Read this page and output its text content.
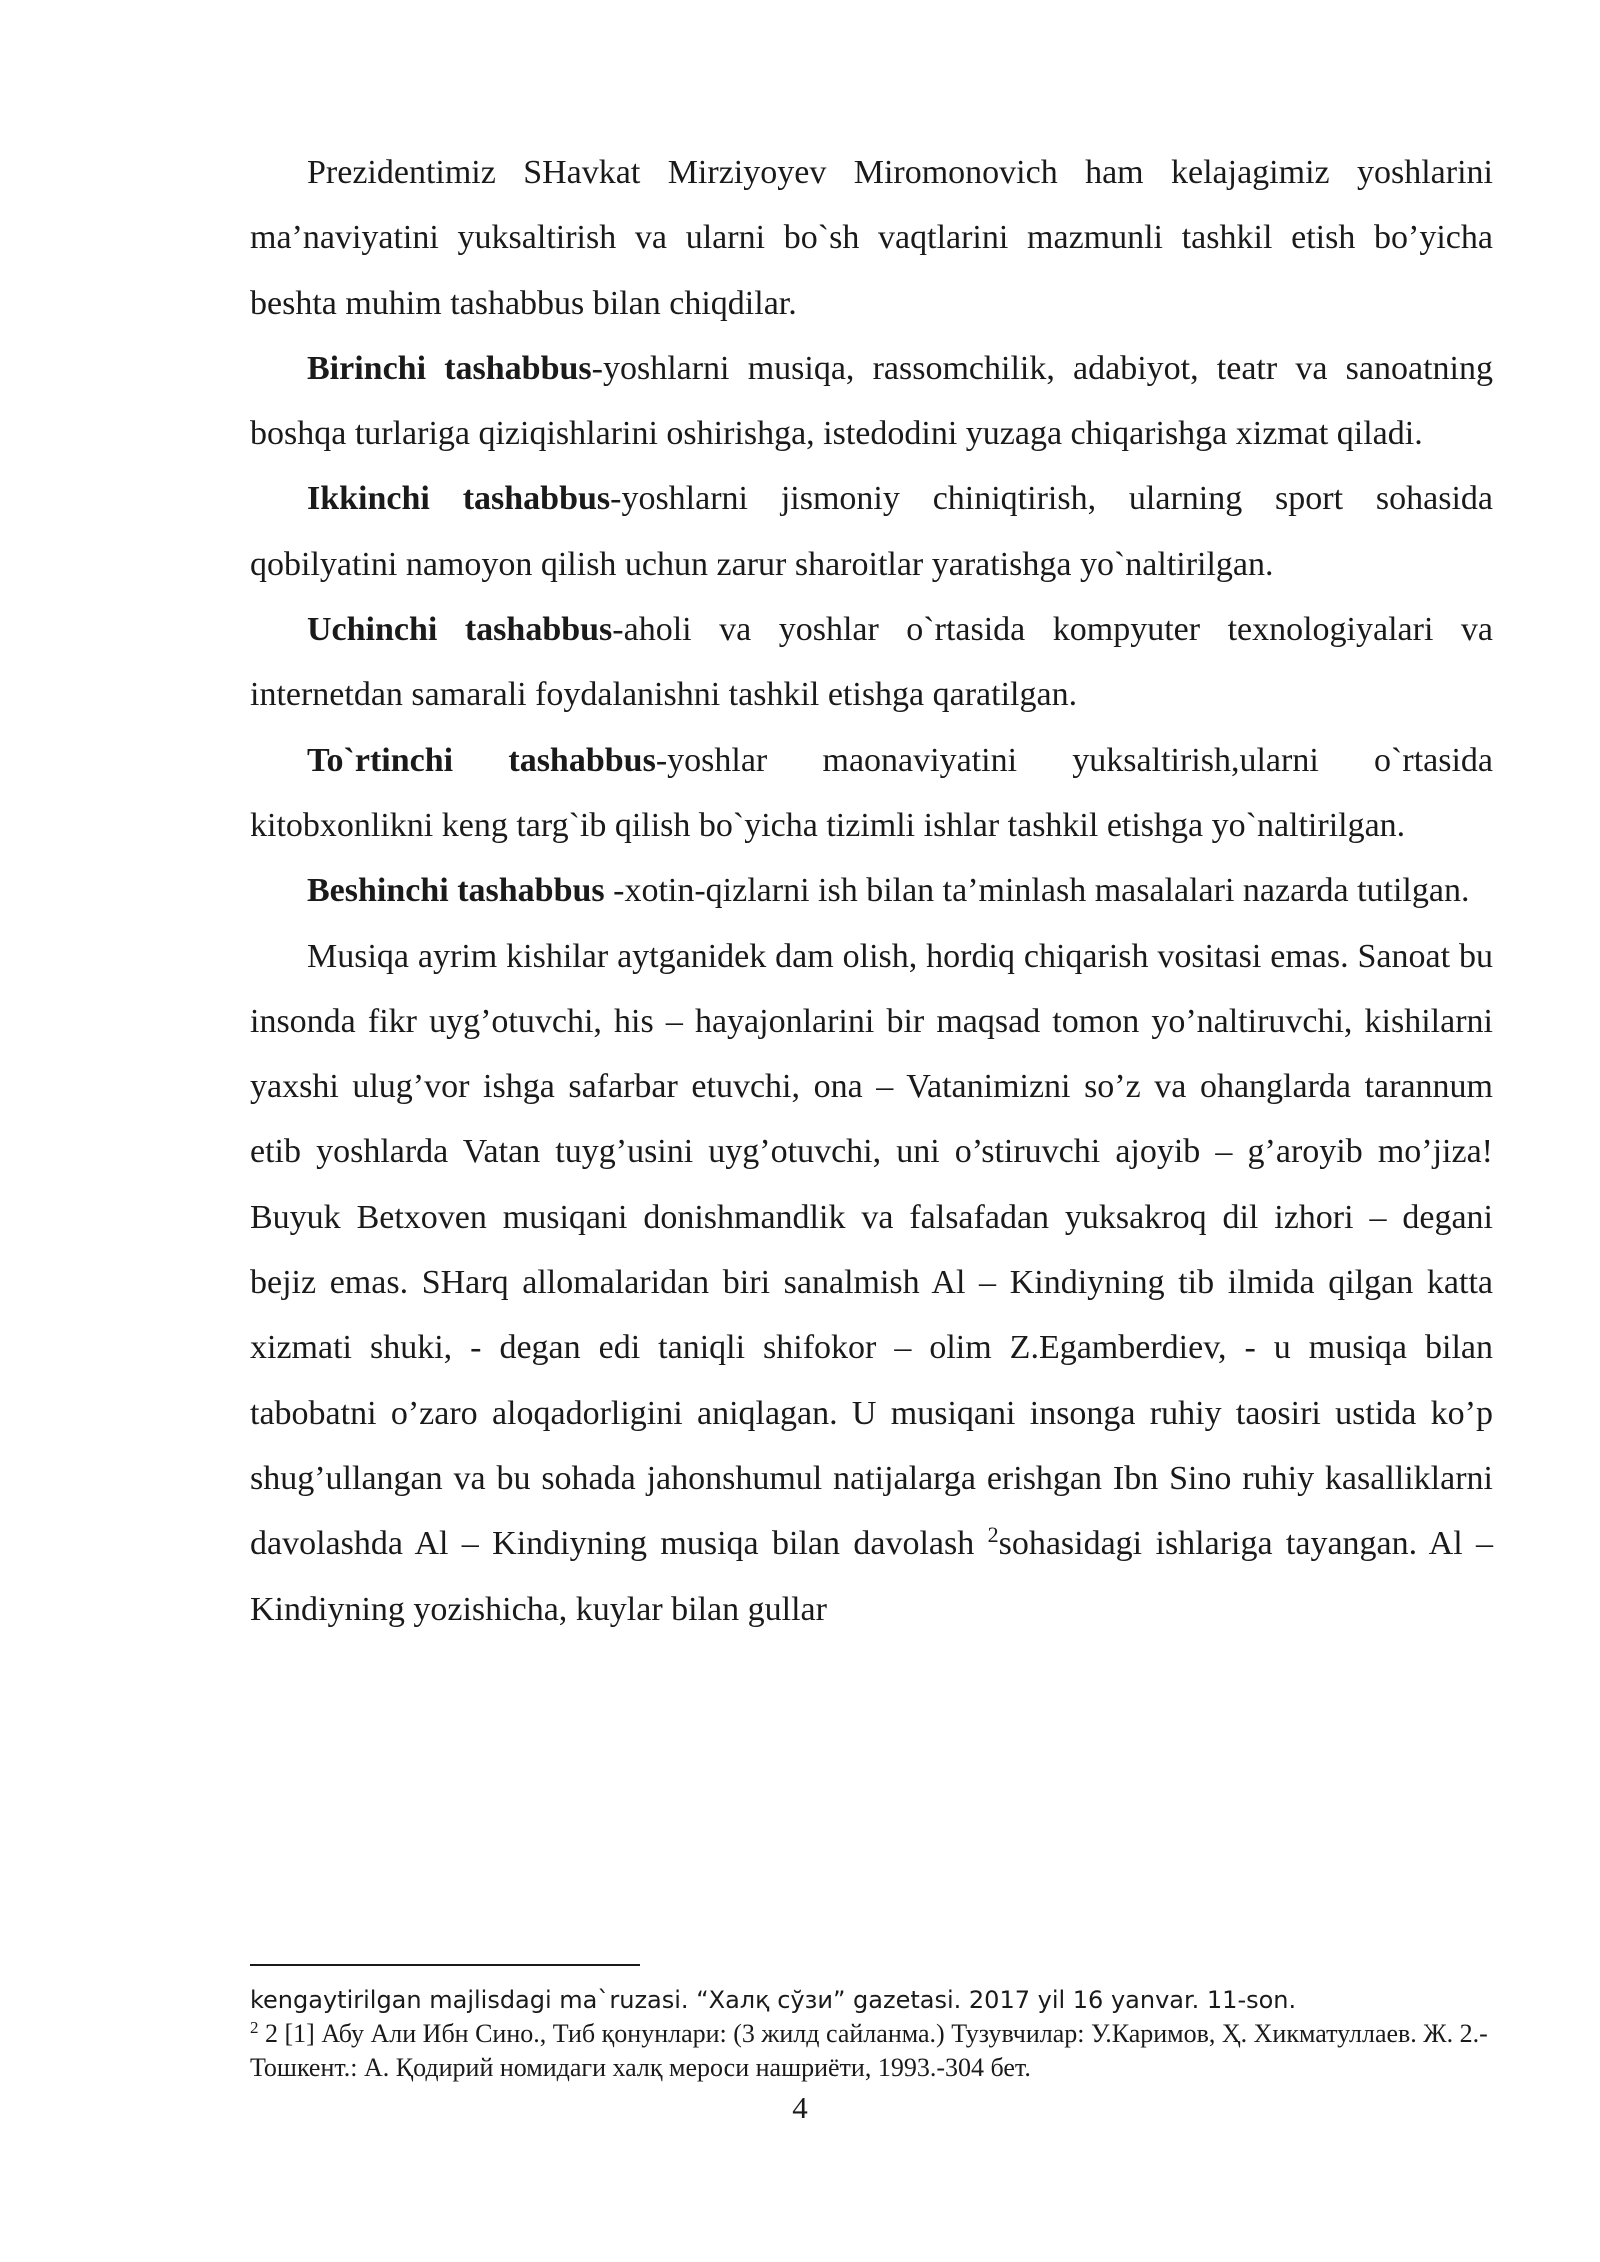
Prezidentimiz SHavkat Mirziyoyev Miromonovich ham kelajagimiz yoshlarini ma’naviyatini yuksaltirish va ularni bo`sh vaqtlarini mazmunli tashkil etish bo’yicha beshta muhim tashabbus bilan chiqdilar.

Birinchi tashabbus-yoshlarni musiqa, rassomchilik, adabiyot, teatr va sanoatning boshqa turlariga qiziqishlarini oshirishga, istedodini yuzaga chiqarishga xizmat qiladi.

Ikkinchi tashabbus-yoshlarni jismoniy chiniqtirish, ularning sport sohasida qobilyatini namoyon qilish uchun zarur sharoitlar yaratishga yo`naltirilgan.

Uchinchi tashabbus-aholi va yoshlar o`rtasida kompyuter texnologiyalari va internetdan samarali foydalanishni tashkil etishga qaratilgan.

To`rtinchi tashabbus-yoshlar maonaviyatini yuksaltirish,ularni o`rtasida kitobxonlikni keng targ`ib qilish bo`yicha tizimli ishlar tashkil etishga yo`naltirilgan.

Beshinchi tashabbus -xotin-qizlarni ish bilan ta’minlash masalalari nazarda tutilgan.

Musiqa ayrim kishilar aytganidek dam olish, hordiq chiqarish vositasi emas. Sanoat bu insonda fikr uyg’otuvchi, his – hayajonlarini bir maqsad tomon yo’naltiruvchi, kishilarni yaxshi ulug’vor ishga safarbar etuvchi, ona – Vatanimizni so’z va ohanglarda tarannum etib yoshlarda Vatan tuyg’usini uyg’otuvchi, uni o’stiruvchi ajoyib – g’aroyib mo’jiza! Buyuk Betxoven musiqani donishmandlik va falsafadan yuksakroq dil izhori – degani bejiz emas. SHarq allomalaridan biri sanalmish Al – Kindiyning tib ilmida qilgan katta xizmati shuki, - degan edi taniqli shifokor – olim Z.Egamberdiev, - u musiqa bilan tabobatni o’zaro aloqadorligini aniqlagan. U musiqani insonga ruhiy taosiri ustida ko’p shug’ullangan va bu sohada jahonshumul natijalarga erishgan Ibn Sino ruhiy kasalliklarni davolashda Al – Kindiyning musiqa bilan davolash $^2$sohasidagi ishlariga tayangan. Al – Kindiyning yozishicha, kuylar bilan gullar

kengaytirilgan majlisdagi ma`ruzasi. “Халқ сўзи” gazetasi. 2017 yil 16 yanvar. 11-son.

$^2$ 2 [1] Абу Али Ибн Сино., Тиб қонунлари: (3 жилд сайланма.) Тузувчилар: У.Каримов, Ҳ. Хикматуллаев. Ж. 2.-Тошкент.: А. Қодирий номидаги халқ мероси нашриёти, 1993.-304 бет.

4
